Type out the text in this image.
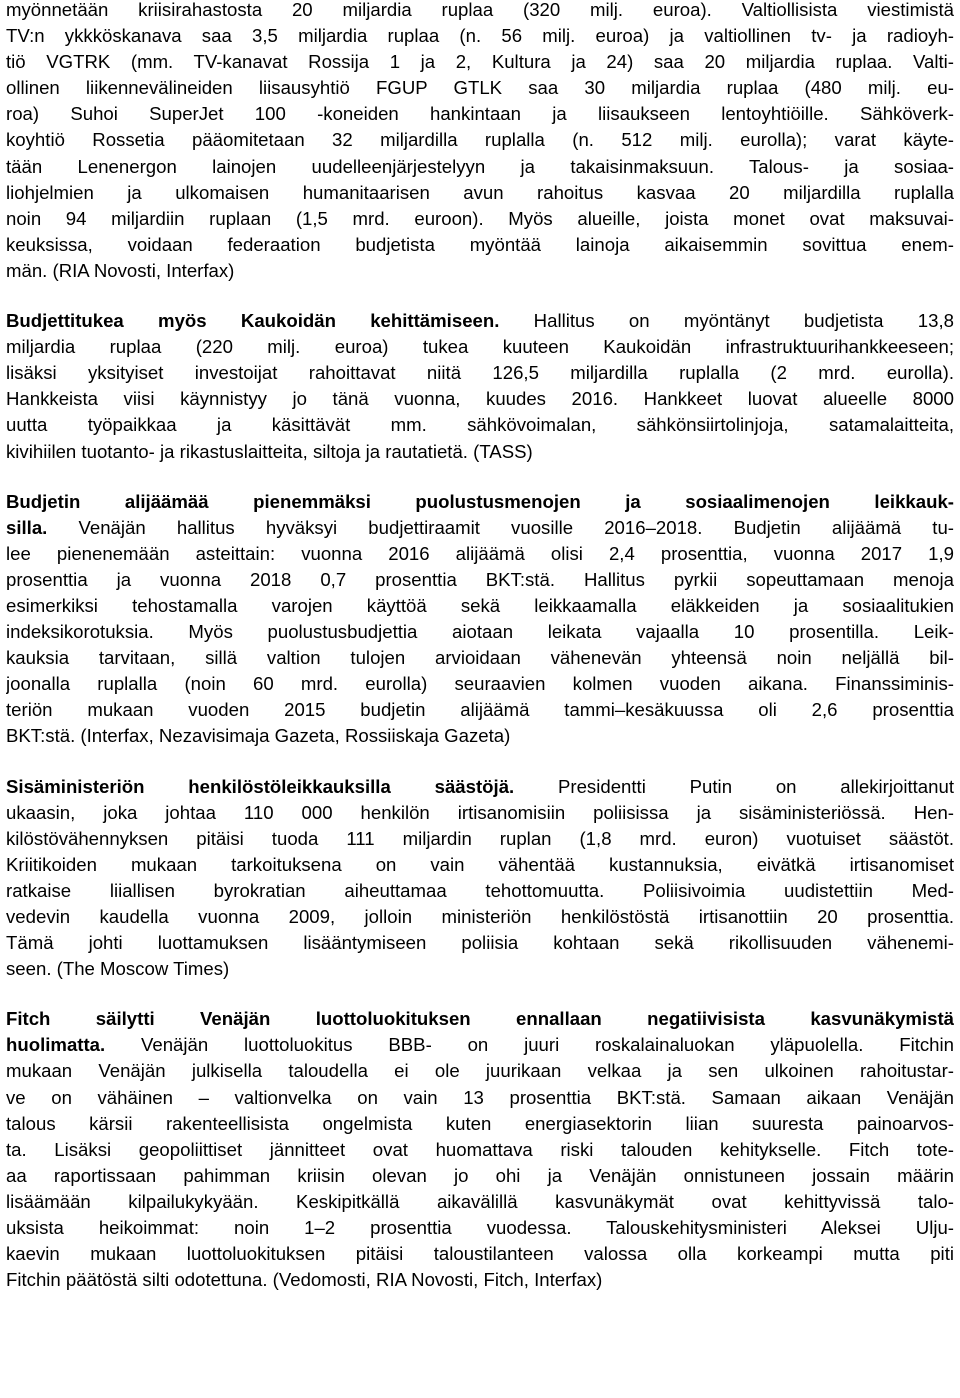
myönnetään kriisirahastosta 20 miljardia ruplaa (320 milj. euroa). Valtiollisista viestimistä
TV:n ykkköskanava saa 3,5 miljardia ruplaa (n. 56 milj. euroa) ja valtiollinen tv- ja radioyh-
tiö VGTRK (mm. TV-kanavat Rossija 1 ja 2, Kultura ja 24) saa 20 miljardia ruplaa. Valti-
ollinen liikennevälineiden liisausyhtiö FGUP GTLK saa 30 miljardia ruplaa (480 milj. eu-
roa) Suhoi SuperJet 100 -koneiden hankintaan ja liisaukseen lentoyhtiöille. Sähköverk-
koyhtiö Rossetia pääomitetaan 32 miljardilla ruplalla (n. 512 milj. eurolla); varat käyte-
tään Lenenergon lainojen uudelleenjärjestelyyn ja takaisinmaksuun. Talous- ja sosiaa-
liohjelmien ja ulkomaisen humanitaarisen avun rahoitus kasvaa 20 miljardilla ruplalla
noin 94 miljardiin ruplaan (1,5 mrd. euroon). Myös alueille, joista monet ovat maksuvai-
keuksissa, voidaan federaation budjetista myöntää lainoja aikaisemmin sovittua enem-
män. (RIA Novosti, Interfax)
Budjettitukea myös Kaukoidän kehittämiseen. Hallitus on myöntänyt budjetista 13,8
miljardia ruplaa (220 milj. euroa) tukea kuuteen Kaukoidän infrastruktuurihankkeeseen;
lisäksi yksityiset investoijat rahoittavat niitä 126,5 miljardilla ruplalla (2 mrd. eurolla).
Hankkeista viisi käynnistyy jo tänä vuonna, kuudes 2016. Hankkeet luovat alueelle 8000
uutta työpaikkaa ja käsittävät mm. sähkövoimalan, sähkönsiirtolinjoja, satamalaitteita,
kivihiilen tuotanto- ja rikastuslaitteita, siltoja ja rautatietä. (TASS)
Budjetin alijäämää pienemmäksi puolustusmenojen ja sosiaalimenojen leikkauk-
silla. Venäjän hallitus hyväksyi budjettiraamit vuosille 2016–2018. Budjetin alijäämä tu-
lee pienenemään asteittain: vuonna 2016 alijäämä olisi 2,4 prosenttia, vuonna 2017 1,9
prosenttia ja vuonna 2018 0,7 prosenttia BKT:stä. Hallitus pyrkii sopeuttamaan menoja
esimerkiksi tehostamalla varojen käyttöä sekä leikkaamalla eläkkeiden ja sosiaalitukien
indeksikorotuksia. Myös puolustusbudjettia aiotaan leikata vajaalla 10 prosentilla. Leik-
kauksia tarvitaan, sillä valtion tulojen arvioidaan vähenevän yhteensä noin neljällä bil-
joonalla ruplalla (noin 60 mrd. eurolla) seuraavien kolmen vuoden aikana. Finanssiminis-
teriön mukaan vuoden 2015 budjetin alijäämä tammi–kesäkuussa oli 2,6 prosenttia
BKT:stä. (Interfax, Nezavisimaja Gazeta, Rossiiskaja Gazeta)
Sisäministeriön henkilöstöleikkauksilla säästöjä. Presidentti Putin on allekirjoittanut
ukaasin, joka johtaa 110 000 henkilön irtisanomisiin poliisissa ja sisäministeriössä. Hen-
kilöstövähennyksen pitäisi tuoda 111 miljardin ruplan (1,8 mrd. euron) vuotuiset säästöt.
Kriitikoiden mukaan tarkoituksena on vain vähentää kustannuksia, eivätkä irtisanomiset
ratkaise liiallisen byrokratian aiheuttamaa tehottomuutta. Poliisivoimia uudistettiin Med-
vedevin kaudella vuonna 2009, jolloin ministeriön henkilöstöstä irtisanottiin 20 prosenttia.
Tämä johti luottamuksen lisääntymiseen poliisia kohtaan sekä rikollisuuden vähenemi-
seen. (The Moscow Times)
Fitch säilytti Venäjän luottoluokituksen ennallaan negatiivisista kasvunäkymistä
huolimatta. Venäjän luottoluokitus BBB- on juuri roskalainaluokan yläpuolella. Fitchin
mukaan Venäjän julkisella taloudella ei ole juurikaan velkaa ja sen ulkoinen rahoitustar-
ve on vähäinen – valtionvelka on vain 13 prosenttia BKT:stä. Samaan aikaan Venäjän
talous kärsii rakenteellisista ongelmista kuten energiasektorin liian suuresta painoarvos-
ta. Lisäksi geopoliittiset jännitteet ovat huomattava riski talouden kehitykselle. Fitch tote-
aa raportissaan pahimman kriisin olevan jo ohi ja Venäjän onnistuneen jossain määrin
lisäämään kilpailukykyään. Keskipitkällä aikavälillä kasvunäkymät ovat kehittyvissä talo-
uksista heikoimmat: noin 1–2 prosenttia vuodessa. Talouskehitysministeri Aleksei Ulju-
kaevin mukaan luottoluokituksen pitäisi taloustilanteen valossa olla korkeampi mutta piti
Fitchin päätöstä silti odotettuna. (Vedomosti, RIA Novosti, Fitch, Interfax)
